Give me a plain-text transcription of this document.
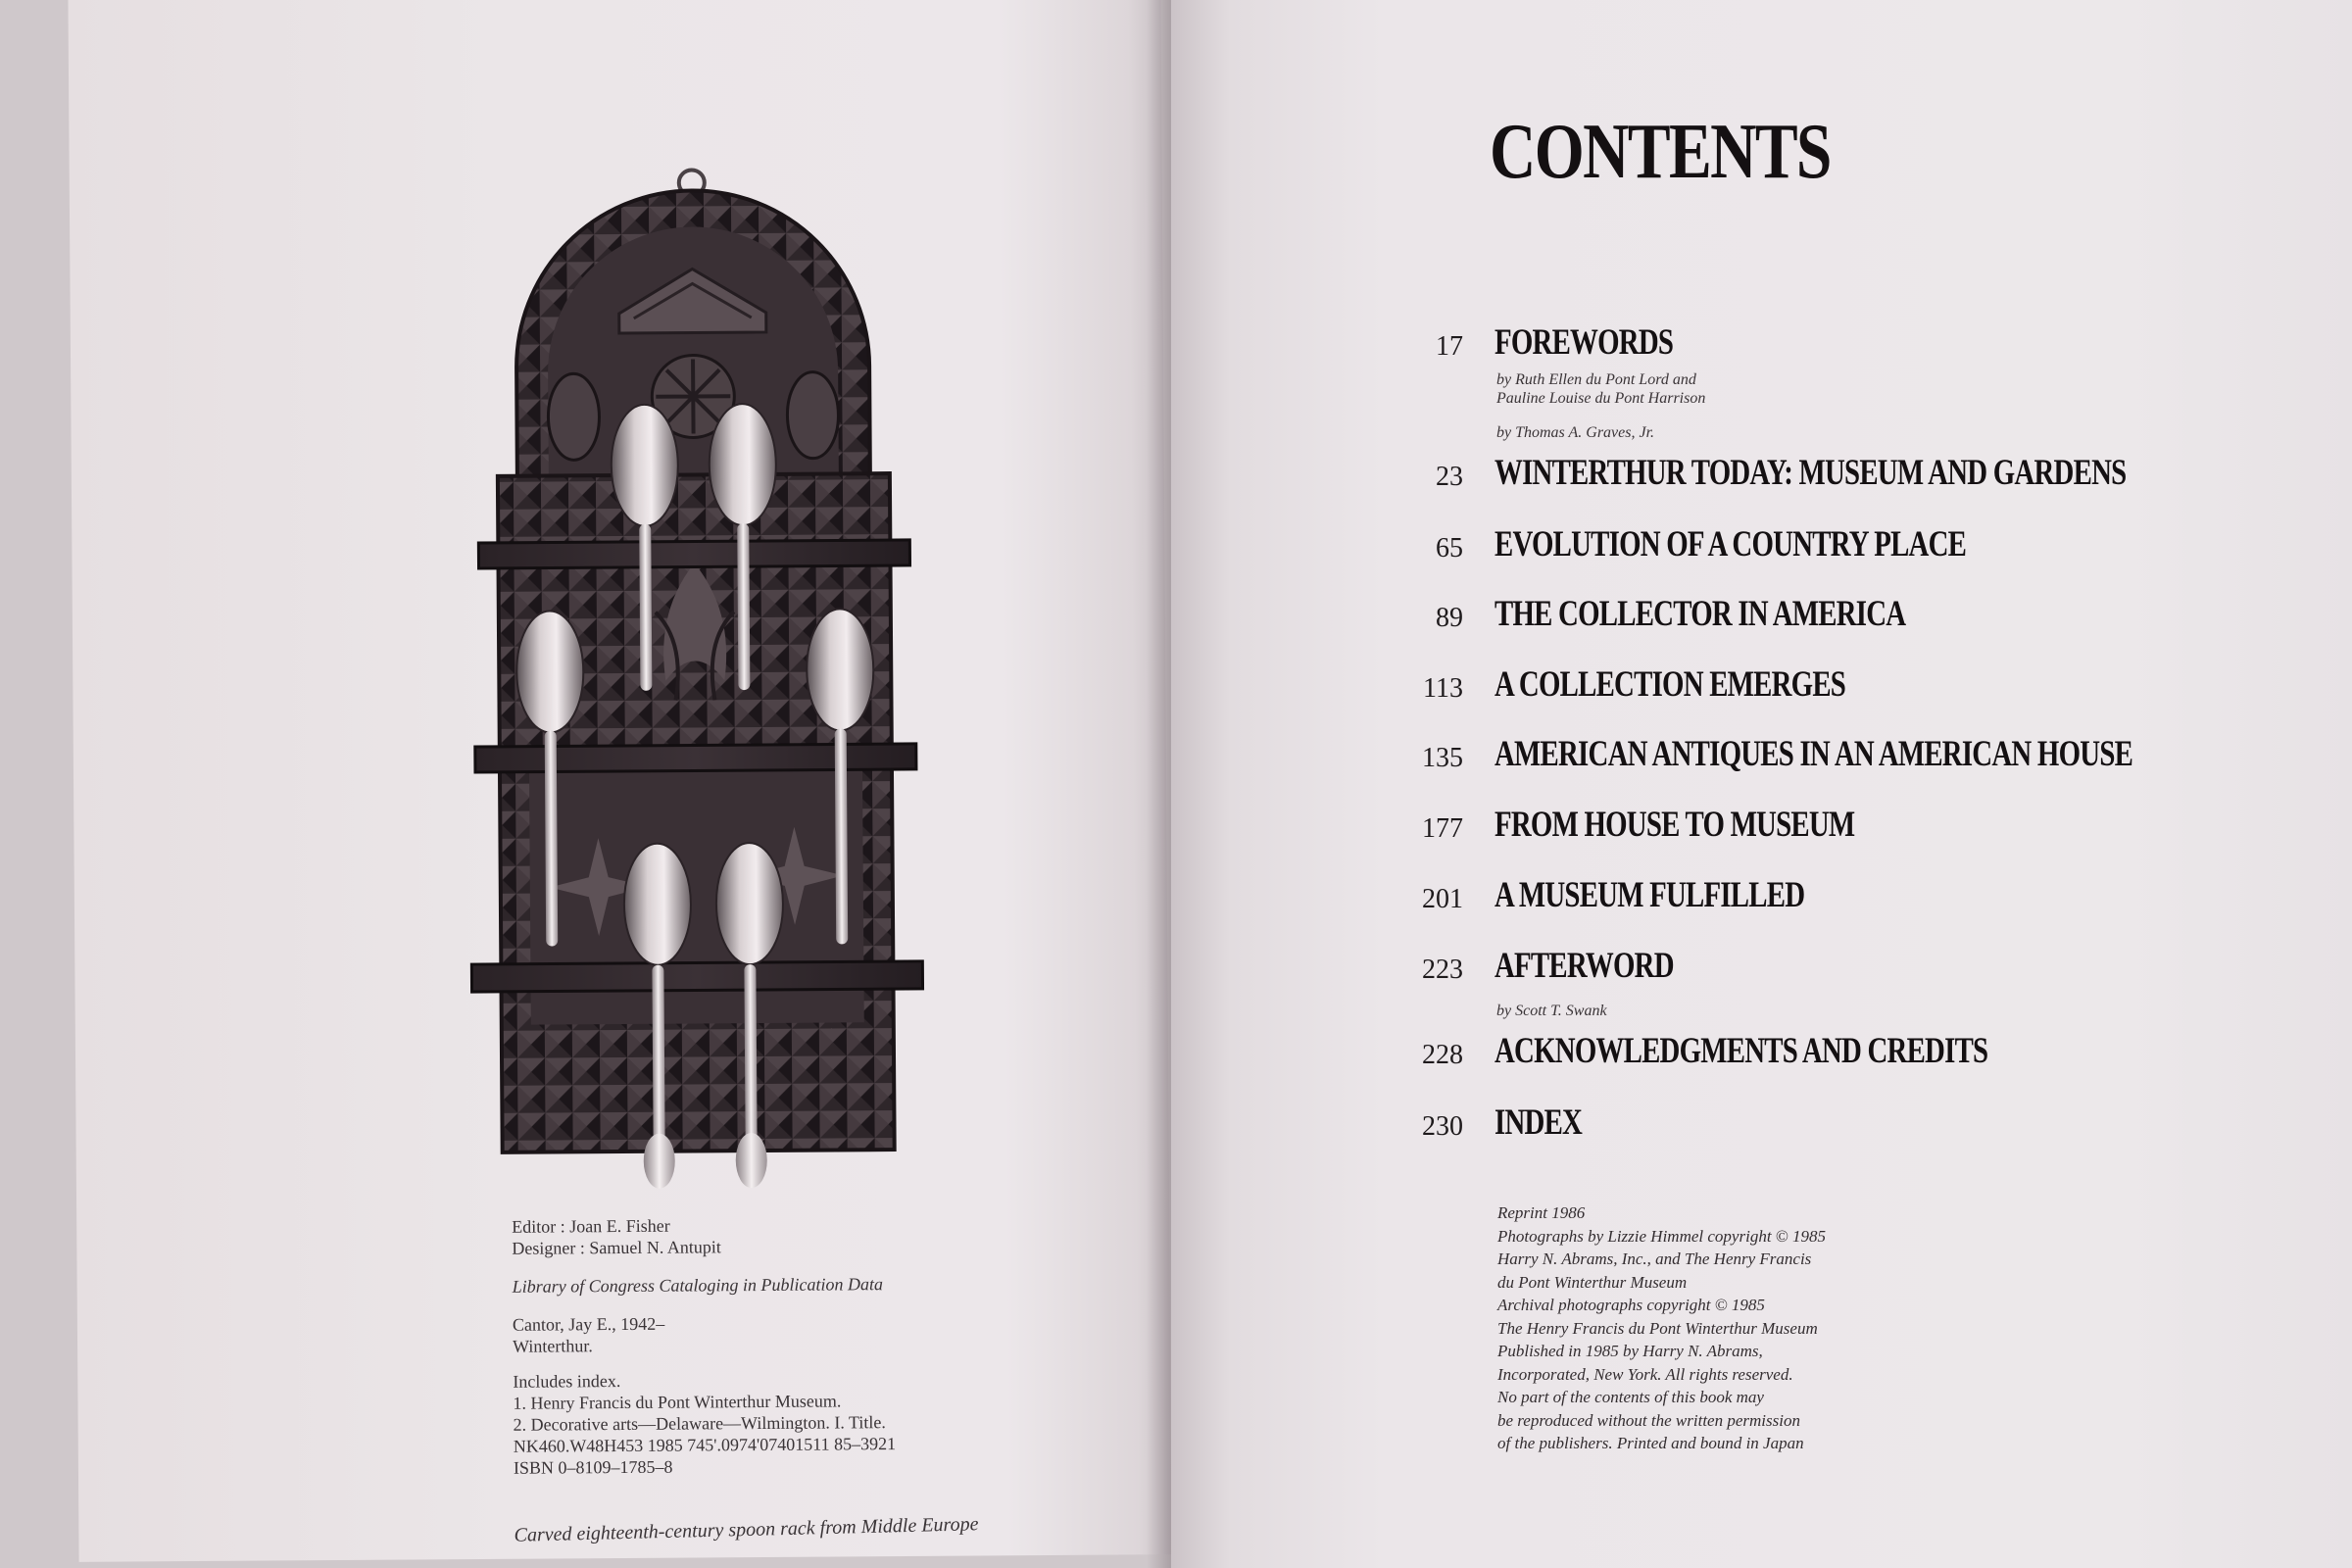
Editor : Joan E. Fisher

Designer : Samuel N. Antupit

Library of Congress Cataloging in Publication Data

Cantor, Jay E., 1942–

Winterthur.

Includes index.

1. Henry Francis du Pont Winterthur Museum.

2. Decorative arts—Delaware—Wilmington. I. Title.

NK460.W48H453 1985 745'.0974'07401511 85–3921

ISBN 0–8109–1785–8

Carved eighteenth-century spoon rack from Middle Europe

CONTENTS
17 FOREWORDS

by Ruth Ellen du Pont Lord and

Pauline Louise du Pont Harrison

by Thomas A. Graves, Jr.

23 WINTERTHUR TODAY: MUSEUM AND GARDENS
65 EVOLUTION OF A COUNTRY PLACE
89 THE COLLECTOR IN AMERICA
113 A COLLECTION EMERGES
135 AMERICAN ANTIQUES IN AN AMERICAN HOUSE
177 FROM HOUSE TO MUSEUM
201 A MUSEUM FULFILLED
223 AFTERWORD

by Scott T. Swank

228 ACKNOWLEDGMENTS AND CREDITS
230 INDEX
Reprint 1986
Photographs by Lizzie Himmel copyright © 1985
Harry N. Abrams, Inc., and The Henry Francis
du Pont Winterthur Museum
Archival photographs copyright © 1985
The Henry Francis du Pont Winterthur Museum
Published in 1985 by Harry N. Abrams,
Incorporated, New York. All rights reserved.
No part of the contents of this book may
be reproduced without the written permission
of the publishers. Printed and bound in Japan
